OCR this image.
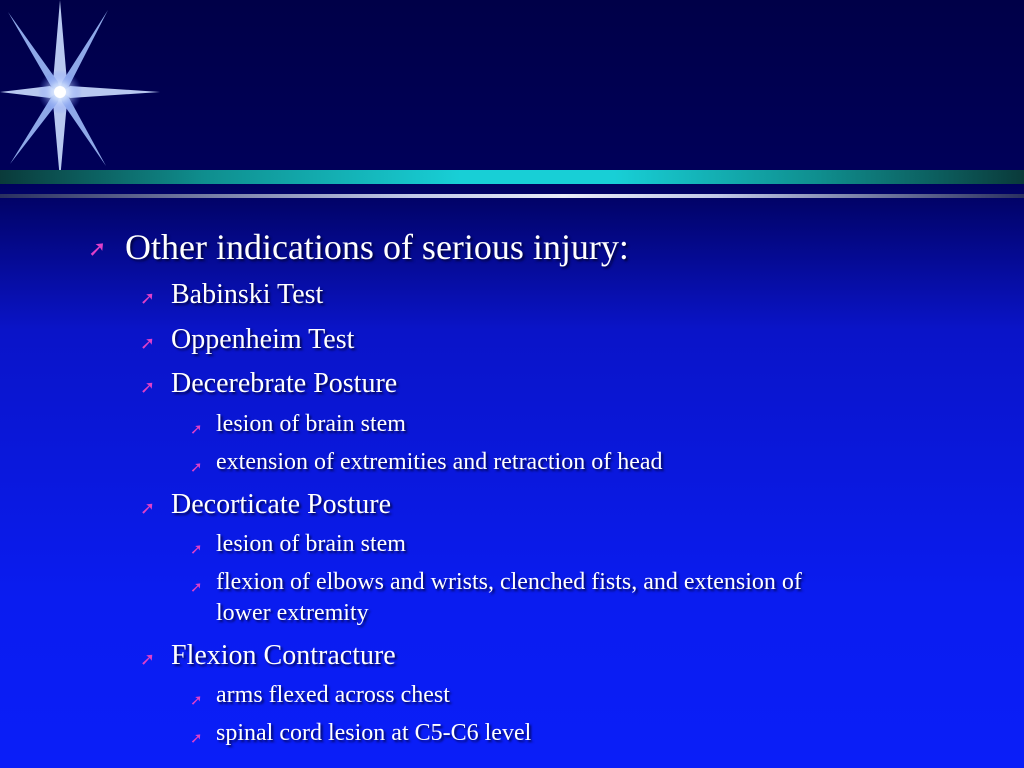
➚ Other indications of serious injury:
➚ Babinski Test
➚ Oppenheim Test
➚ Decerebrate Posture
➚ lesion of brain stem
➚ extension of extremities and retraction of head
➚ Decorticate Posture
➚ lesion of brain stem
➚ flexion of elbows and wrists, clenched fists, and extension of
lower extremity
➚ Flexion Contracture
➚ arms flexed across chest
➚ spinal cord lesion at C5-C6 level
